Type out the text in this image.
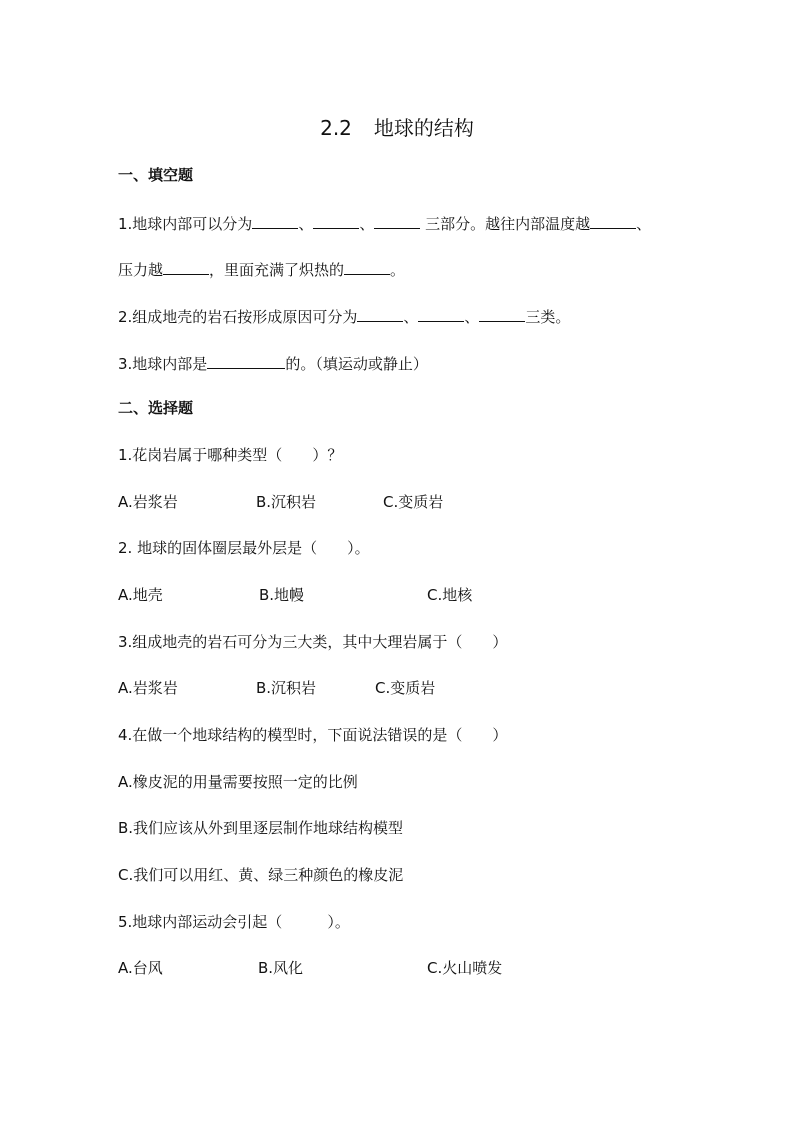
2.2 地球的结构
一、填空题
1.地球内部可以分为	、	、	三部分。越往内部温度越	、
压力越	，里面充满了炽热的	。
2.组成地壳的岩石按形成原因可分为	、	、	三类。
3.地球内部是	的。（填运动或静止）
二、选择题
1.花岗岩属于哪种类型（　　）？
A.岩浆岩	B.沉积岩	C.变质岩
2. 地球的固体圈层最外层是（　　）。
A.地壳	B.地幔	C.地核
3.组成地壳的岩石可分为三大类，其中大理岩属于（　　）
A.岩浆岩	B.沉积岩	C.变质岩
4.在做一个地球结构的模型时，下面说法错误的是（　　）
A.橡皮泥的用量需要按照一定的比例
B.我们应该从外到里逐层制作地球结构模型
C.我们可以用红、黄、绿三种颜色的橡皮泥
5.地球内部运动会引起（　　　）。
A.台风	B.风化	C.火山喷发
